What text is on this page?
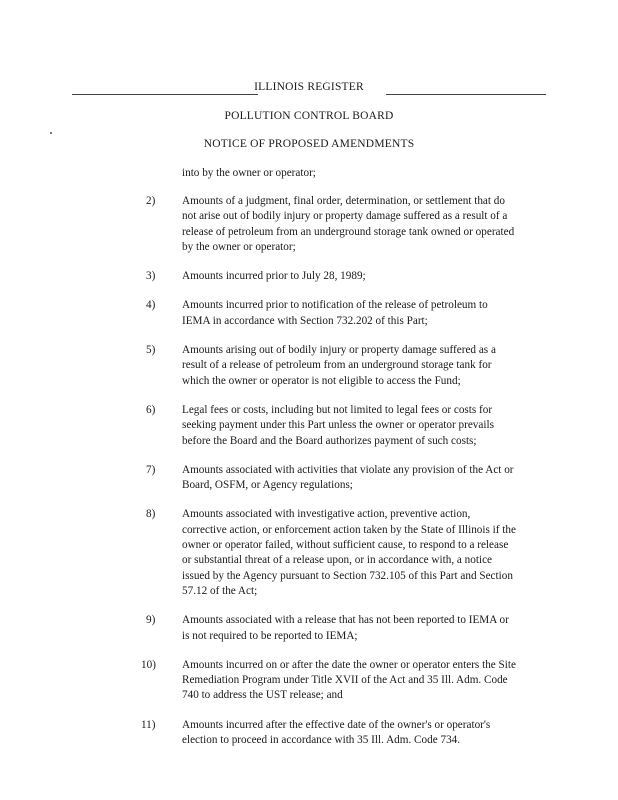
ILLINOIS REGISTER
POLLUTION CONTROL BOARD
NOTICE OF PROPOSED AMENDMENTS
into by the owner or operator;
2) Amounts of a judgment, final order, determination, or settlement that do
not arise out of bodily injury or property damage suffered as a result of a
release of petroleum from an underground storage tank owned or operated
by the owner or operator;
3) Amounts incurred prior to July 28, 1989;
4) Amounts incurred prior to notification of the release of petroleum to
IEMA in accordance with Section 732.202 of this Part;
5) Amounts arising out of bodily injury or property damage suffered as a
result of a release of petroleum from an underground storage tank for
which the owner or operator is not eligible to access the Fund;
6) Legal fees or costs, including but not limited to legal fees or costs for
seeking payment under this Part unless the owner or operator prevails
before the Board and the Board authorizes payment of such costs;
7) Amounts associated with activities that violate any provision of the Act or
Board, OSFM, or Agency regulations;
8) Amounts associated with investigative action, preventive action,
corrective action, or enforcement action taken by the State of Illinois if the
owner or operator failed, without sufficient cause, to respond to a release
or substantial threat of a release upon, or in accordance with, a notice
issued by the Agency pursuant to Section 732.105 of this Part and Section
57.12 of the Act;
9) Amounts associated with a release that has not been reported to IEMA or
is not required to be reported to IEMA;
10) Amounts incurred on or after the date the owner or operator enters the Site
Remediation Program under Title XVII of the Act and 35 Ill. Adm. Code
740 to address the UST release; and
11) Amounts incurred after the effective date of the owner's or operator's
election to proceed in accordance with 35 Ill. Adm. Code 734.
